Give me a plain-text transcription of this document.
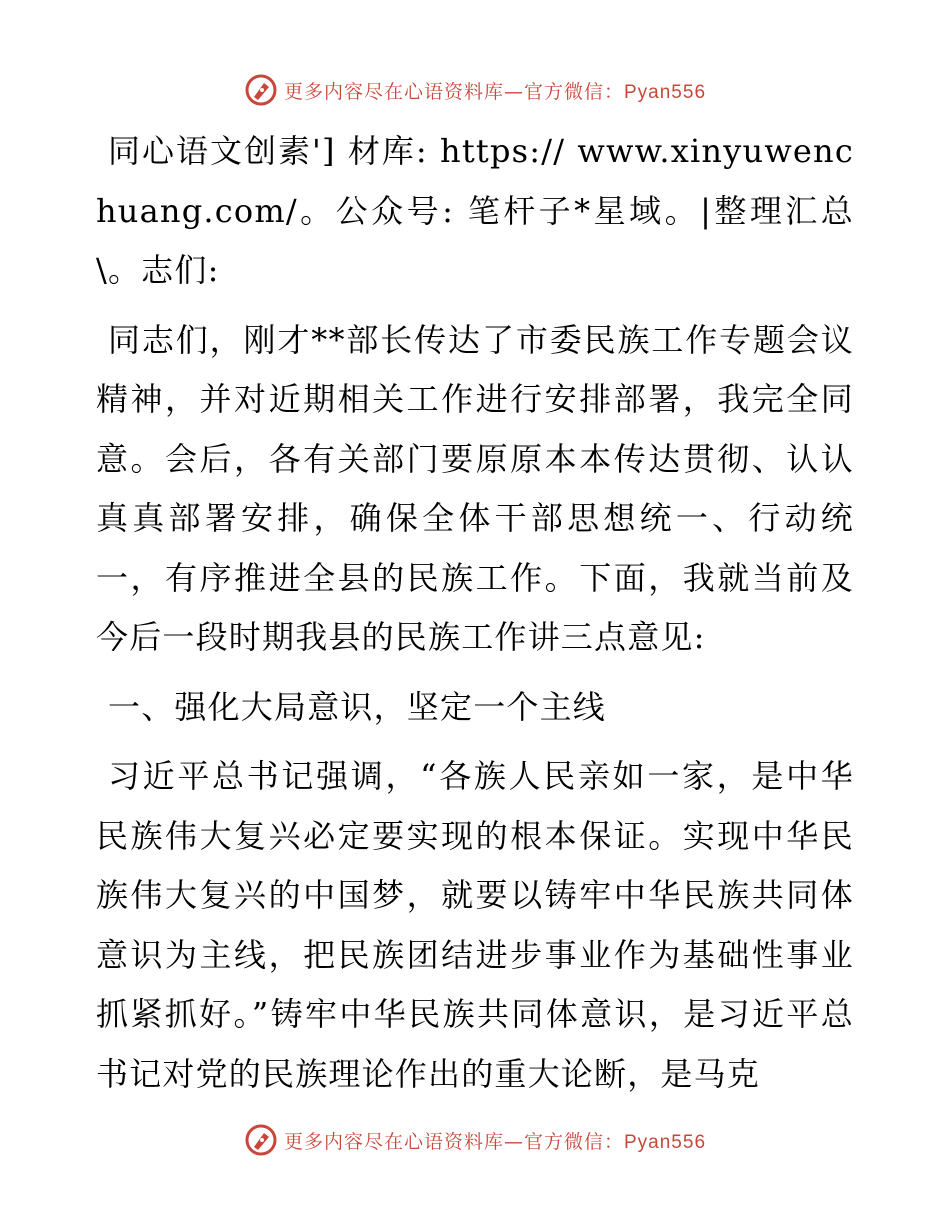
更多内容尽在心语资料库—官方微信：Pyan556

同心语文创素'] 材库: https:// www.xinyuwenchuang.com/。公众号: 笔杆子*星域。|整理汇总\。志们:

同志们，刚才**部长传达了市委民族工作专题会议精神，并对近期相关工作进行安排部署，我完全同意。会后，各有关部门要原原本本传达贯彻、认认真真部署安排，确保全体干部思想统一、行动统一，有序推进全县的民族工作。下面，我就当前及今后一段时期我县的民族工作讲三点意见:

一、强化大局意识，坚定一个主线

习近平总书记强调，“各族人民亲如一家，是中华民族伟大复兴必定要实现的根本保证。实现中华民族伟大复兴的中国梦，就要以铸牢中华民族共同体意识为主线，把民族团结进步事业作为基础性事业抓紧抓好。”铸牢中华民族共同体意识，是习近平总书记对党的民族理论作出的重大论断，是马克

更多内容尽在心语资料库—官方微信：Pyan556
